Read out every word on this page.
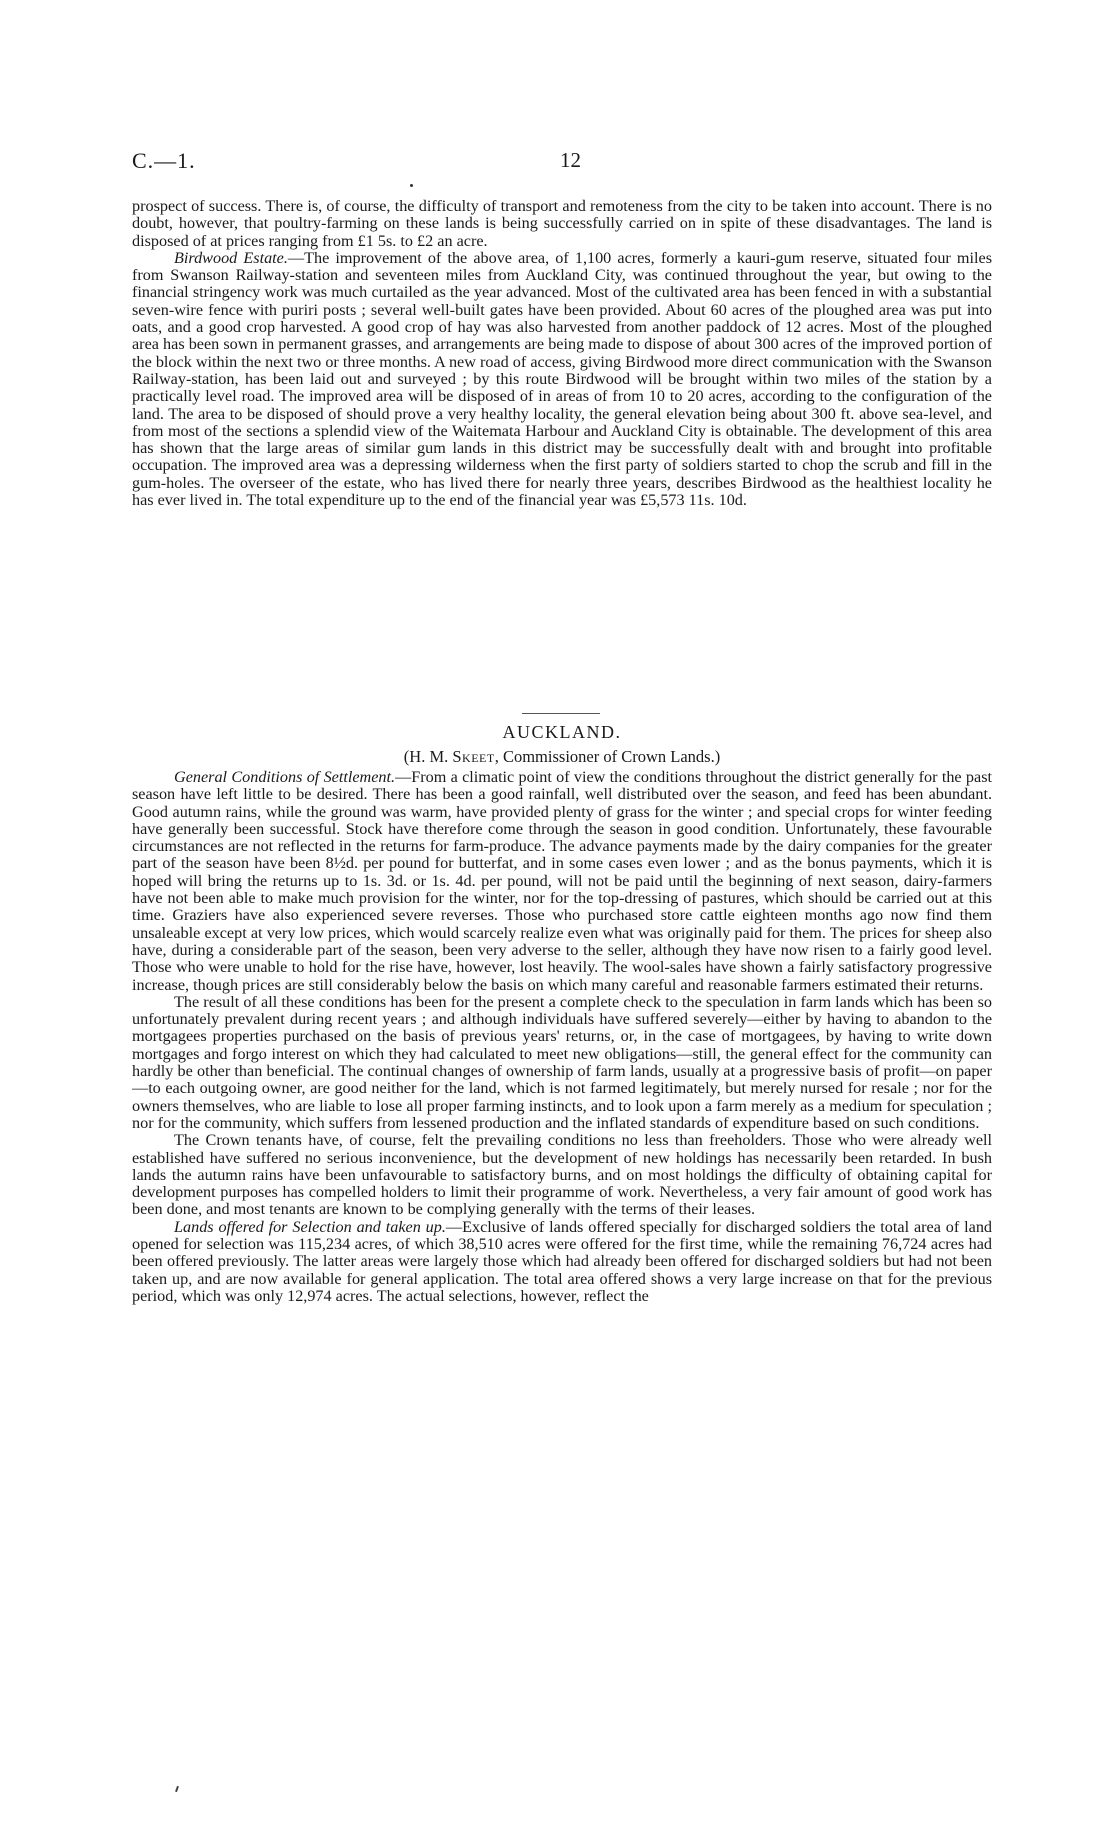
C.—1.	12

prospect of success. There is, of course, the difficulty of transport and remoteness from the city to be taken into account. There is no doubt, however, that poultry-farming on these lands is being successfully carried on in spite of these disadvantages. The land is disposed of at prices ranging from £1 5s. to £2 an acre.

Birdwood Estate.—The improvement of the above area, of 1,100 acres, formerly a kauri-gum reserve, situated four miles from Swanson Railway-station and seventeen miles from Auckland City, was continued throughout the year, but owing to the financial stringency work was much curtailed as the year advanced. Most of the cultivated area has been fenced in with a substantial seven-wire fence with puriri posts ; several well-built gates have been provided. About 60 acres of the ploughed area was put into oats, and a good crop harvested. A good crop of hay was also harvested from another paddock of 12 acres. Most of the ploughed area has been sown in permanent grasses, and arrangements are being made to dispose of about 300 acres of the improved portion of the block within the next two or three months. A new road of access, giving Birdwood more direct communication with the Swanson Railway-station, has been laid out and surveyed ; by this route Birdwood will be brought within two miles of the station by a practically level road. The improved area will be disposed of in areas of from 10 to 20 acres, according to the configuration of the land. The area to be disposed of should prove a very healthy locality, the general elevation being about 300 ft. above sea-level, and from most of the sections a splendid view of the Waitemata Harbour and Auckland City is obtainable. The development of this area has shown that the large areas of similar gum lands in this district may be successfully dealt with and brought into profitable occupation. The improved area was a depressing wilderness when the first party of soldiers started to chop the scrub and fill in the gum-holes. The overseer of the estate, who has lived there for nearly three years, describes Birdwood as the healthiest locality he has ever lived in. The total expenditure up to the end of the financial year was £5,573 11s. 10d.

AUCKLAND.
(H. M. Skeet, Commissioner of Crown Lands.)

General Conditions of Settlement.—From a climatic point of view the conditions throughout the district generally for the past season have left little to be desired. There has been a good rainfall, well distributed over the season, and feed has been abundant. Good autumn rains, while the ground was warm, have provided plenty of grass for the winter ; and special crops for winter feeding have generally been successful. Stock have therefore come through the season in good condition. Unfortunately, these favourable circumstances are not reflected in the returns for farm-produce. The advance payments made by the dairy companies for the greater part of the season have been 8½d. per pound for butterfat, and in some cases even lower ; and as the bonus payments, which it is hoped will bring the returns up to 1s. 3d. or 1s. 4d. per pound, will not be paid until the beginning of next season, dairy-farmers have not been able to make much provision for the winter, nor for the top-dressing of pastures, which should be carried out at this time. Graziers have also experienced severe reverses. Those who purchased store cattle eighteen months ago now find them unsaleable except at very low prices, which would scarcely realize even what was originally paid for them. The prices for sheep also have, during a considerable part of the season, been very adverse to the seller, although they have now risen to a fairly good level. Those who were unable to hold for the rise have, however, lost heavily. The wool-sales have shown a fairly satisfactory progressive increase, though prices are still considerably below the basis on which many careful and reasonable farmers estimated their returns.

The result of all these conditions has been for the present a complete check to the speculation in farm lands which has been so unfortunately prevalent during recent years ; and although individuals have suffered severely—either by having to abandon to the mortgagees properties purchased on the basis of previous years' returns, or, in the case of mortgagees, by having to write down mortgages and forgo interest on which they had calculated to meet new obligations—still, the general effect for the community can hardly be other than beneficial. The continual changes of ownership of farm lands, usually at a progressive basis of profit—on paper—to each outgoing owner, are good neither for the land, which is not farmed legitimately, but merely nursed for resale ; nor for the owners themselves, who are liable to lose all proper farming instincts, and to look upon a farm merely as a medium for speculation ; nor for the community, which suffers from lessened production and the inflated standards of expenditure based on such conditions.

The Crown tenants have, of course, felt the prevailing conditions no less than freeholders. Those who were already well established have suffered no serious inconvenience, but the development of new holdings has necessarily been retarded. In bush lands the autumn rains have been unfavourable to satisfactory burns, and on most holdings the difficulty of obtaining capital for development purposes has compelled holders to limit their programme of work. Nevertheless, a very fair amount of good work has been done, and most tenants are known to be complying generally with the terms of their leases.

Lands offered for Selection and taken up.—Exclusive of lands offered specially for discharged soldiers the total area of land opened for selection was 115,234 acres, of which 38,510 acres were offered for the first time, while the remaining 76,724 acres had been offered previously. The latter areas were largely those which had already been offered for discharged soldiers but had not been taken up, and are now available for general application. The total area offered shows a very large increase on that for the previous period, which was only 12,974 acres. The actual selections, however, reflect the
